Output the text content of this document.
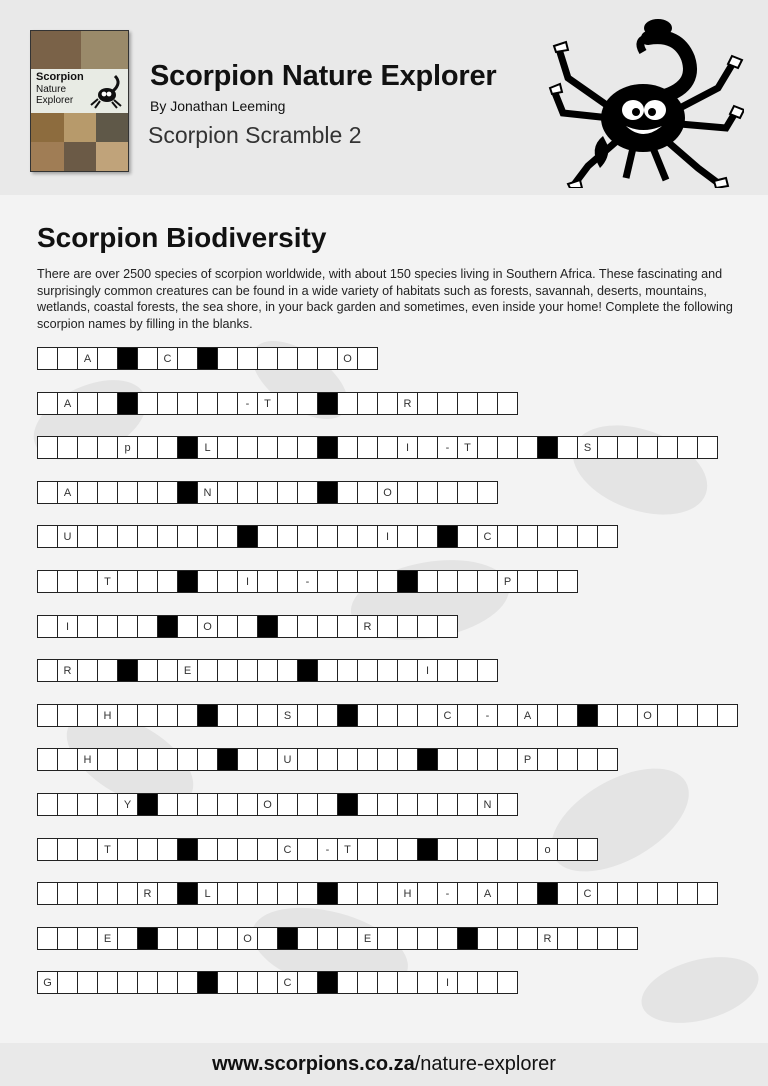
Scorpion
Nature
Explorer
Scorpion Nature Explorer
By Jonathan Leeming
Scorpion Scramble 2
Scorpion Biodiversity
There are over 2500 species of scorpion worldwide, with about 150 species living in Southern Africa. These fascinating and surprisingly common creatures can be found in a wide variety of habitats such as forests, savannah, deserts, mountains, wetlands, coastal forests, the sea shore, in your back garden and sometimes, even inside your home! Complete the following scorpion names by filling in the blanks.
A	C	O
A	-	T	R
p	L	I	-	T	S
A	N	O
U	I	C
T	I	-	P
I	O	R
R	E	I
H	S	C	-	A	O
H	U	P
Y	O	N
T	C	-	T	o
R	L	H	-	A	C
E	O	E	R
G	C	I
www.scorpions.co.za/nature-explorer
